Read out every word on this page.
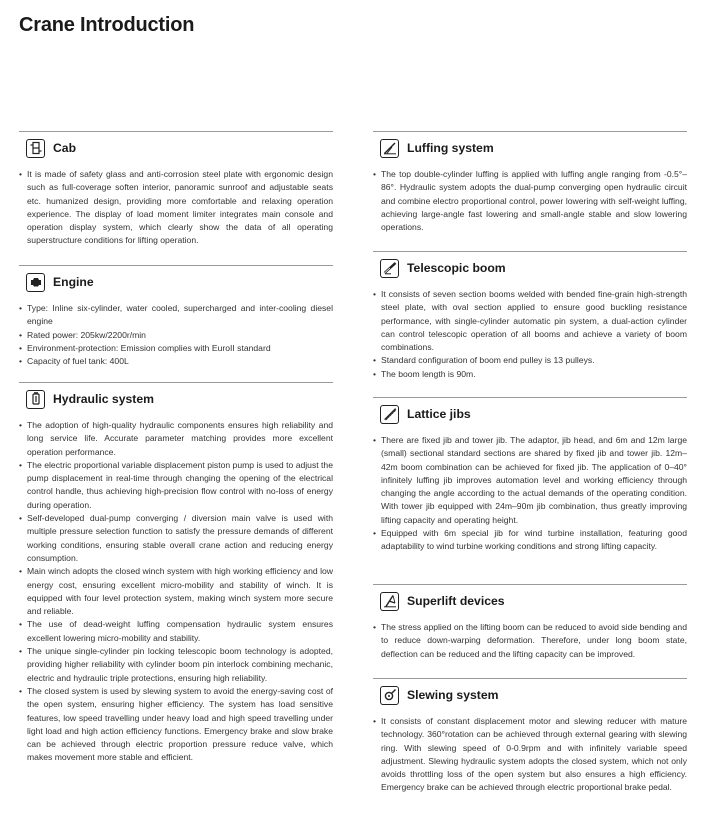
Crane Introduction
Cab
• It is made of safety glass and anti-corrosion steel plate with ergonomic design such as full-coverage soften interior, panoramic sunroof and adjustable seats etc. humanized design, providing more comfortable and relaxing operation experience. The display of load moment limiter integrates main console and operation display system, which clearly show the data of all operating superstructure conditions for lifting operation.
Engine
• Type: Inline six-cylinder, water cooled, supercharged and inter-cooling diesel engine
• Rated power: 205kw/2200r/min
• Environment-protection: Emission complies with EuroII standard
• Capacity of fuel tank: 400L
Hydraulic system
• The adoption of high-quality hydraulic components ensures high reliability and long service life. Accurate parameter matching provides more excellent operation performance.
• The electric proportional variable displacement piston pump is used to adjust the pump displacement in real-time through changing the opening of the electrical control handle, thus achieving high-precision flow control with no-loss of energy during operation.
• Self-developed dual-pump converging / diversion main valve is used with multiple pressure selection function to satisfy the pressure demands of different working conditions, ensuring stable overall crane action and reducing energy consumption.
• Main winch adopts the closed winch system with high working efficiency and low energy cost, ensuring excellent micro-mobility and stability of winch. It is equipped with four level protection system, making winch system more secure and reliable.
• The use of dead-weight luffing compensation hydraulic system ensures excellent lowering micro-mobility and stability.
• The unique single-cylinder pin locking telescopic boom technology is adopted, providing higher reliability with cylinder boom pin interlock combining mechanic, electric and hydraulic triple protections, ensuring high reliability.
• The closed system is used by slewing system to avoid the energy-saving cost of the open system, ensuring higher efficiency. The system has load sensitive features, low speed travelling under heavy load and high speed travelling under light load and high action efficiency functions. Emergency brake and slow brake can be achieved through electric proportion pressure reduce valve, which makes movement more stable and efficient.
Luffing system
• The top double-cylinder luffing is applied with luffing angle ranging from -0.5°–86°. Hydraulic system adopts the dual-pump converging open hydraulic circuit and combine electro proportional control, power lowering with self-weight luffing, achieving large-angle fast lowering and small-angle stable and slow lowering operations.
Telescopic boom
• It consists of seven section booms welded with bended fine-grain high-strength steel plate, with oval section applied to ensure good buckling resistance performance, with single-cylinder automatic pin system, a dual-action cylinder can control telescopic operation of all booms and achieve a variety of boom combinations.
• Standard configuration of boom end pulley is 13 pulleys.
• The boom length is 90m.
Lattice jibs
• There are fixed jib and tower jib. The adaptor, jib head, and 6m and 12m large (small) sectional standard sections are shared by fixed jib and tower jib. 12m–42m boom combination can be achieved for fixed jib. The application of 0–40° infinitely luffing jib improves automation level and working efficiency through changing the angle according to the actual demands of the operating condition. With tower jib equipped with 24m–90m jib combination, thus greatly improving lifting capacity and operating height.
• Equipped with 6m special jib for wind turbine installation, featuring good adaptability to wind turbine working conditions and strong lifting capacity.
Superlift devices
• The stress applied on the lifting boom can be reduced to avoid side bending and to reduce down-warping deformation. Therefore, under long boom state, deflection can be reduced and the lifting capacity can be improved.
Slewing system
• It consists of constant displacement motor and slewing reducer with mature technology. 360°rotation can be achieved through external gearing with slewing ring. With slewing speed of 0-0.9rpm and with infinitely variable speed adjustment. Slewing hydraulic system adopts the closed system, which not only avoids throttling loss of the open system but also ensures a high efficiency. Emergency brake can be achieved through electric proportional brake pedal.
